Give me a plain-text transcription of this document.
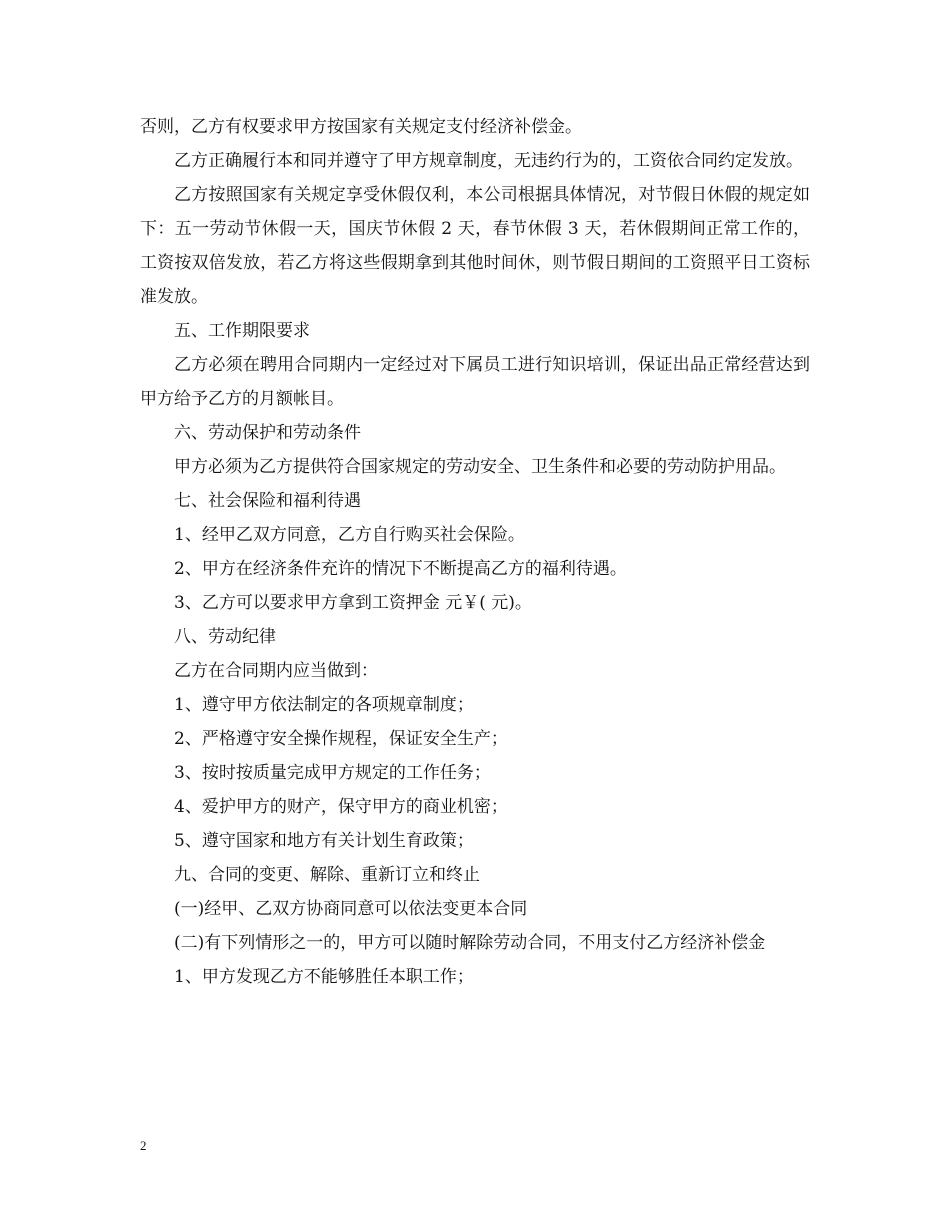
否则，乙方有权要求甲方按国家有关规定支付经济补偿金。

乙方正确履行本和同并遵守了甲方规章制度，无违约行为的，工资依合同约定发放。

乙方按照国家有关规定享受休假仅利，本公司根据具体情况，对节假日休假的规定如下：五一劳动节休假一天，国庆节休假 2 天，春节休假 3 天，若休假期间正常工作的，工资按双倍发放，若乙方将这些假期拿到其他时间休，则节假日期间的工资照平日工资标准发放。

五、工作期限要求

乙方必须在聘用合同期内一定经过对下属员工进行知识培训，保证出品正常经营达到甲方给予乙方的月额帐目。

六、劳动保护和劳动条件

甲方必须为乙方提供符合国家规定的劳动安全、卫生条件和必要的劳动防护用品。

七、社会保险和福利待遇

1、经甲乙双方同意，乙方自行购买社会保险。

2、甲方在经济条件充许的情况下不断提高乙方的福利待遇。

3、乙方可以要求甲方拿到工资押金 元￥( 元)。

八、劳动纪律

乙方在合同期内应当做到：

1、遵守甲方依法制定的各项规章制度；

2、严格遵守安全操作规程，保证安全生产；

3、按时按质量完成甲方规定的工作任务；

4、爱护甲方的财产，保守甲方的商业机密；

5、遵守国家和地方有关计划生育政策；

九、合同的变更、解除、重新订立和终止

(一)经甲、乙双方协商同意可以依法变更本合同

(二)有下列情形之一的，甲方可以随时解除劳动合同，不用支付乙方经济补偿金

1、甲方发现乙方不能够胜任本职工作；

2
